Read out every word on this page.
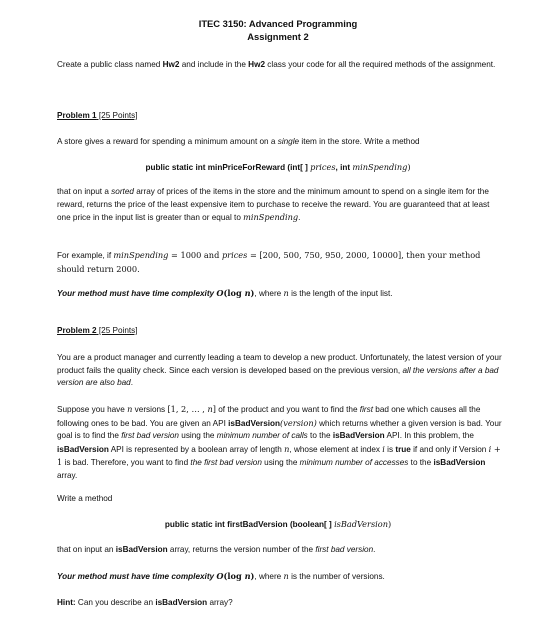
ITEC 3150: Advanced Programming
Assignment 2

Create a public class named Hw2 and include in the Hw2 class your code for all the required methods of the assignment.

Problem 1 [25 Points]

A store gives a reward for spending a minimum amount on a single item in the store. Write a method

public static int minPriceForReward (int[ ] prices, int minSpending)

that on input a sorted array of prices of the items in the store and the minimum amount to spend on a single item for the reward, returns the price of the least expensive item to purchase to receive the reward. You are guaranteed that at least one price in the input list is greater than or equal to minSpending.

For example, if minSpending = 1000 and prices = [200, 500, 750, 950, 2000, 10000], then your method should return 2000.

Your method must have time complexity O(log n), where n is the length of the input list.

Problem 2 [25 Points]

You are a product manager and currently leading a team to develop a new product. Unfortunately, the latest version of your product fails the quality check. Since each version is developed based on the previous version, all the versions after a bad version are also bad.

Suppose you have n versions [1, 2, … , n] of the product and you want to find the first bad one which causes all the following ones to be bad. You are given an API isBadVersion(version) which returns whether a given version is bad. Your goal is to find the first bad version using the minimum number of calls to the isBadVersion API. In this problem, the isBadVersion API is represented by a boolean array of length n, whose element at index i is true if and only if Version i + 1 is bad. Therefore, you want to find the first bad version using the minimum number of accesses to the isBadVersion array.

Write a method

public static int firstBadVersion (boolean[ ] isBadVersion)

that on input an isBadVersion array, returns the version number of the first bad version.

Your method must have time complexity O(log n), where n is the number of versions.

Hint: Can you describe an isBadVersion array?
